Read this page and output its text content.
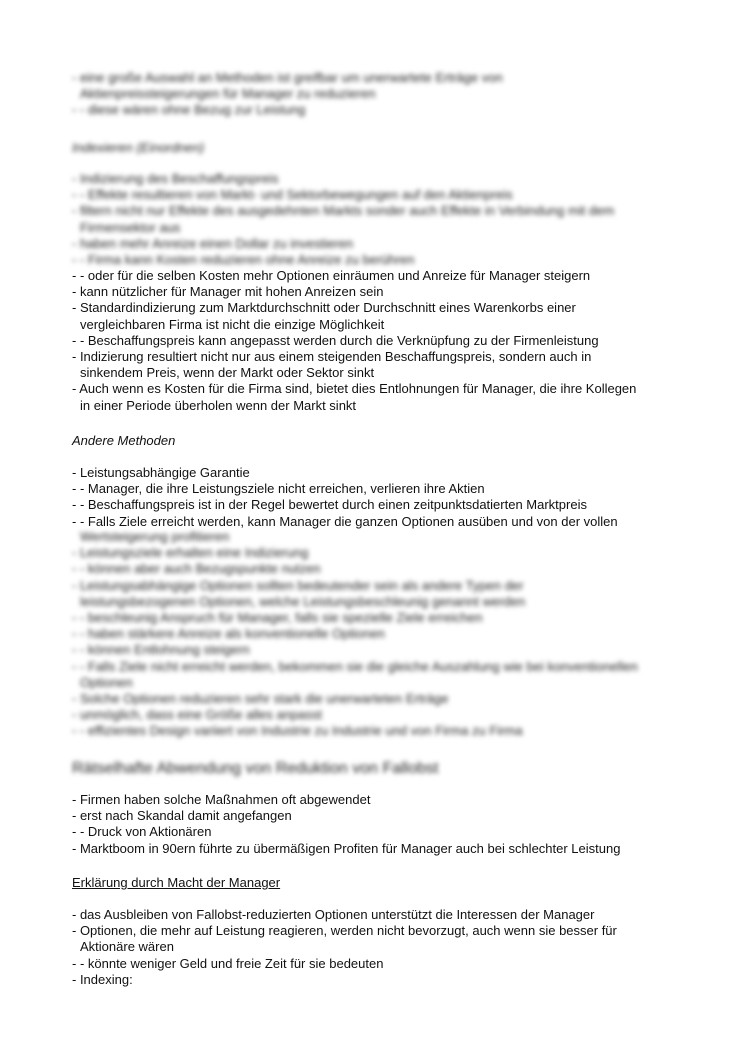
- eine große Auswahl an Methoden ist greifbar um unerwartete Erträge von
Aktienpreissteigerungen für Manager zu reduzieren
- - diese wären ohne Bezug zur Leistung
Indexieren (Einordnen)
- Indizierung des Beschaffungspreis
- - Effekte resultieren von Markt- und Sektorbewegungen auf den Aktienpreis
- filtern nicht nur Effekte des ausgedehnten Markts sonder auch Effekte in Verbindung mit dem
Firmensektor aus
- haben mehr Anreize einen Dollar zu investieren
- - Firma kann Kosten reduzieren ohne Anreize zu berühren
- - oder für die selben Kosten mehr Optionen einräumen und Anreize für Manager steigern
- kann nützlicher für Manager mit hohen Anreizen sein
- Standardindizierung zum Marktdurchschnitt oder Durchschnitt eines Warenkorbs einer
vergleichbaren Firma ist nicht die einzige Möglichkeit
- - Beschaffungspreis kann angepasst werden durch die Verknüpfung zu der Firmenleistung
- Indizierung resultiert nicht nur aus einem steigenden Beschaffungspreis, sondern auch in
sinkendem Preis, wenn der Markt oder Sektor sinkt
- Auch wenn es Kosten für die Firma sind, bietet dies Entlohnungen für Manager, die ihre Kollegen
in einer Periode überholen wenn der Markt sinkt
Andere Methoden
- Leistungsabhängige Garantie
- - Manager, die ihre Leistungsziele nicht erreichen, verlieren ihre Aktien
- - Beschaffungspreis ist in der Regel bewertet durch einen zeitpunktsdatierten Marktpreis
- - Falls Ziele erreicht werden, kann Manager die ganzen Optionen ausüben und von der vollen
Wertsteigerung profitieren
- Leistungsziele erhalten eine Indizierung
- - können aber auch Bezugspunkte nutzen
- Leistungsabhängige Optionen sollten bedeutender sein als andere Typen der
leistungsbezogenen Optionen, welche Leistungsbeschleunig genannt werden
- - beschleunig Anspruch für Manager, falls sie spezielle Ziele erreichen
- - haben stärkere Anreize als konventionelle Optionen
- - können Entlohnung steigern
- - Falls Ziele nicht erreicht werden, bekommen sie die gleiche Auszahlung wie bei konventionellen
Optionen
- Solche Optionen reduzieren sehr stark die unerwarteten Erträge
- unmöglich, dass eine Größe alles anpasst
- - effizientes Design variiert von Industrie zu Industrie und von Firma zu Firma
Rätselhafte Abwendung von Reduktion von Fallobst
- Firmen haben solche Maßnahmen oft abgewendet
- erst nach Skandal damit angefangen
- - Druck von Aktionären
- Marktboom in 90ern führte zu übermäßigen Profiten für Manager auch bei schlechter Leistung
Erklärung durch Macht der Manager
- das Ausbleiben von Fallobst-reduzierten Optionen unterstützt die Interessen der Manager
- Optionen, die mehr auf Leistung reagieren, werden nicht bevorzugt, auch wenn sie besser für
Aktionäre wären
- - könnte weniger Geld und freie Zeit für sie bedeuten
- Indexing:
